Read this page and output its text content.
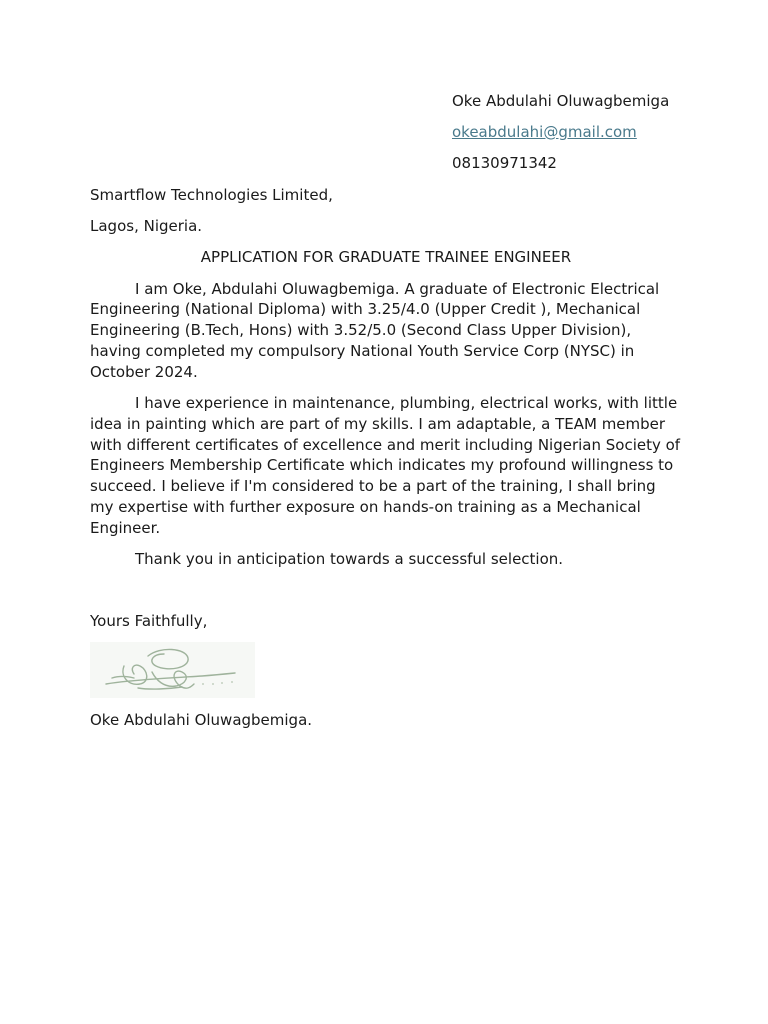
Oke Abdulahi Oluwagbemiga
okeabdulahi@gmail.com
08130971342

Smartflow Technologies Limited,

Lagos, Nigeria.

APPLICATION FOR GRADUATE TRAINEE ENGINEER

I am Oke, Abdulahi Oluwagbemiga. A graduate of Electronic Electrical Engineering (National Diploma) with 3.25/4.0 (Upper Credit ), Mechanical Engineering (B.Tech, Hons) with 3.52/5.0 (Second Class Upper Division), having completed my compulsory National Youth Service Corp (NYSC) in October 2024.

I have experience in maintenance, plumbing, electrical works, with little idea in painting which are part of my skills. I am adaptable, a TEAM member with different certificates of excellence and merit including Nigerian Society of Engineers Membership Certificate which indicates my profound willingness to succeed. I believe if I'm considered to be a part of the training, I shall bring my expertise with further exposure on hands-on training as a Mechanical Engineer.

Thank you in anticipation towards a successful selection.

Yours Faithfully,

Oke Abdulahi Oluwagbemiga.
